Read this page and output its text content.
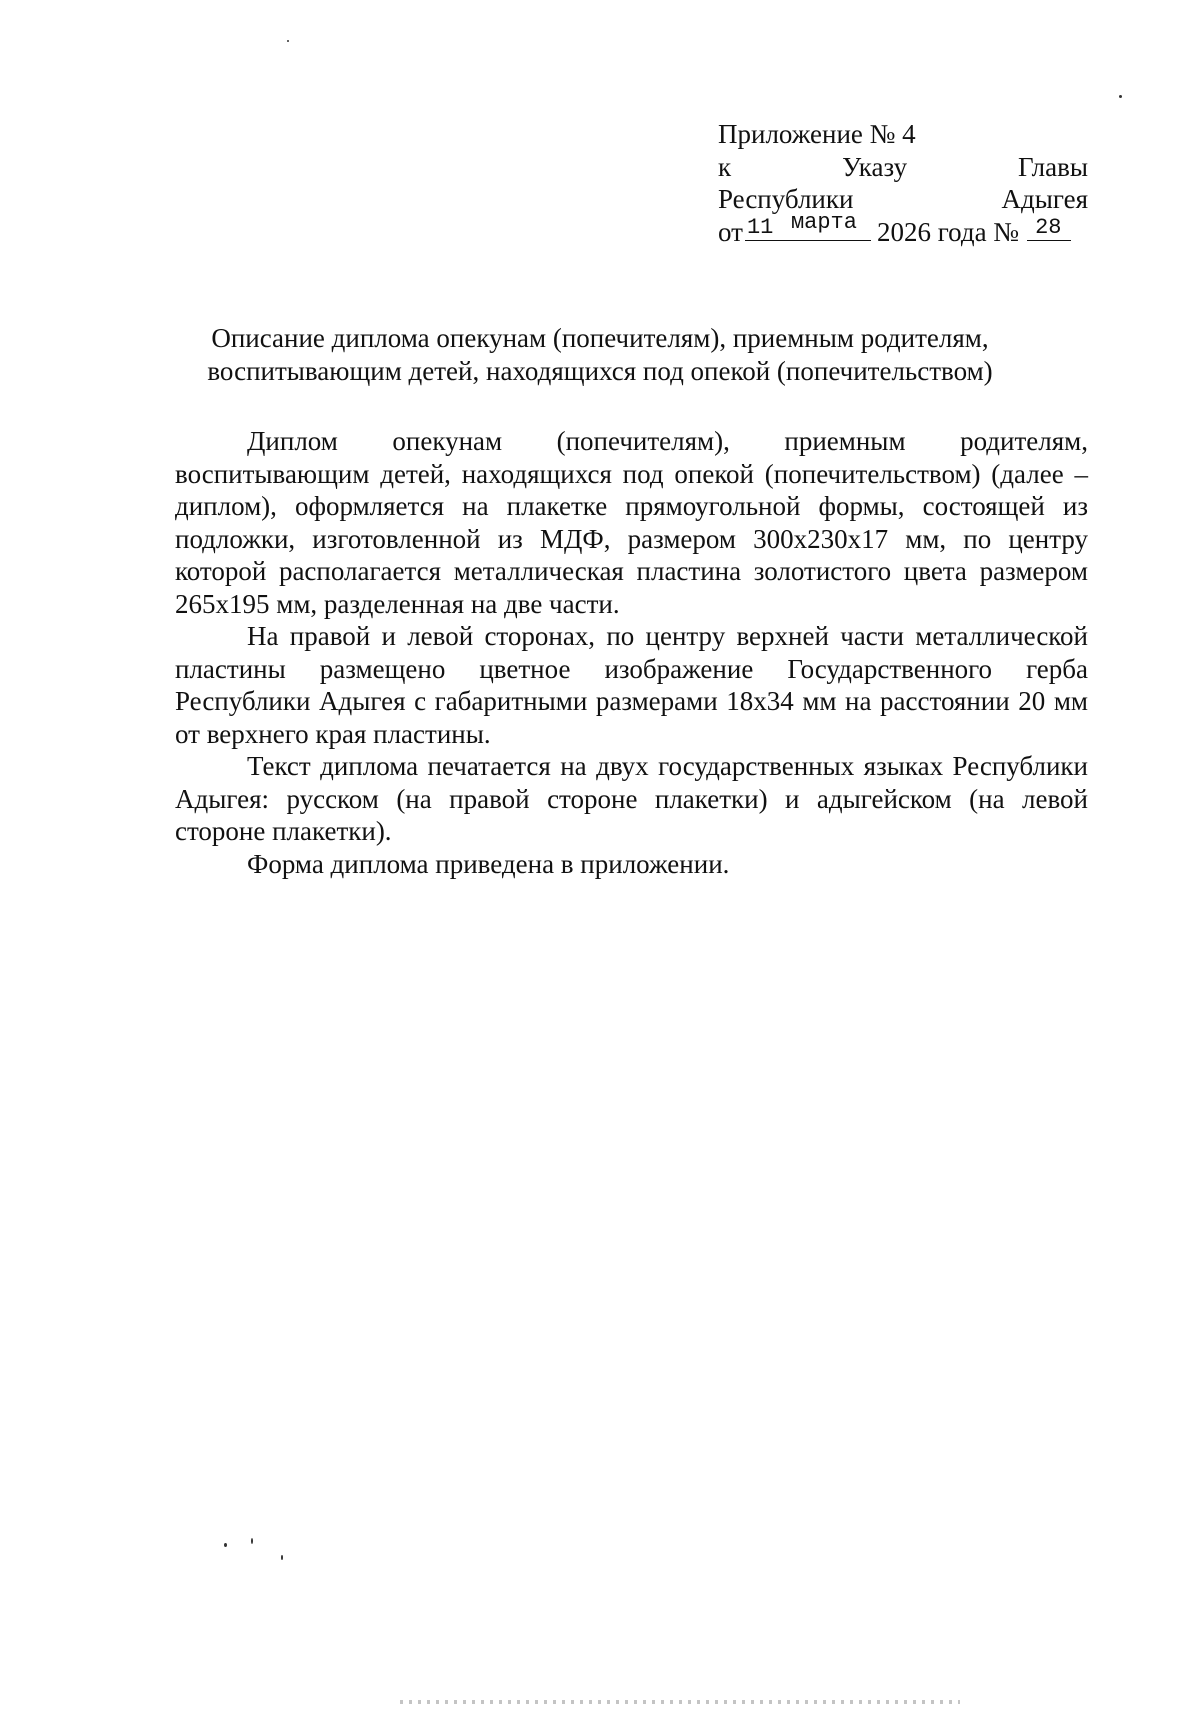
Приложение № 4
к	Указу	Главы
Республики	Адыгея
от 11 марта 2026 года № 28
Описание диплома опекунам (попечителям), приемным родителям,
воспитывающим детей, находящихся под опекой (попечительством)

Диплом опекунам (попечителям), приемным родителям, воспитывающим детей, находящихся под опекой (попечительством) (далее – диплом), оформляется на плакетке прямоугольной формы, состоящей из подложки, изготовленной из МДФ, размером 300х230х17 мм, по центру которой располагается металлическая пластина золотистого цвета размером 265х195 мм, разделенная на две части.

На правой и левой сторонах, по центру верхней части металлической пластины размещено цветное изображение Государственного герба Республики Адыгея с габаритными размерами 18х34 мм на расстоянии 20 мм от верхнего края пластины.

Текст диплома печатается на двух государственных языках Республики Адыгея: русском (на правой стороне плакетки) и адыгейском (на левой стороне плакетки).

Форма диплома приведена в приложении.
